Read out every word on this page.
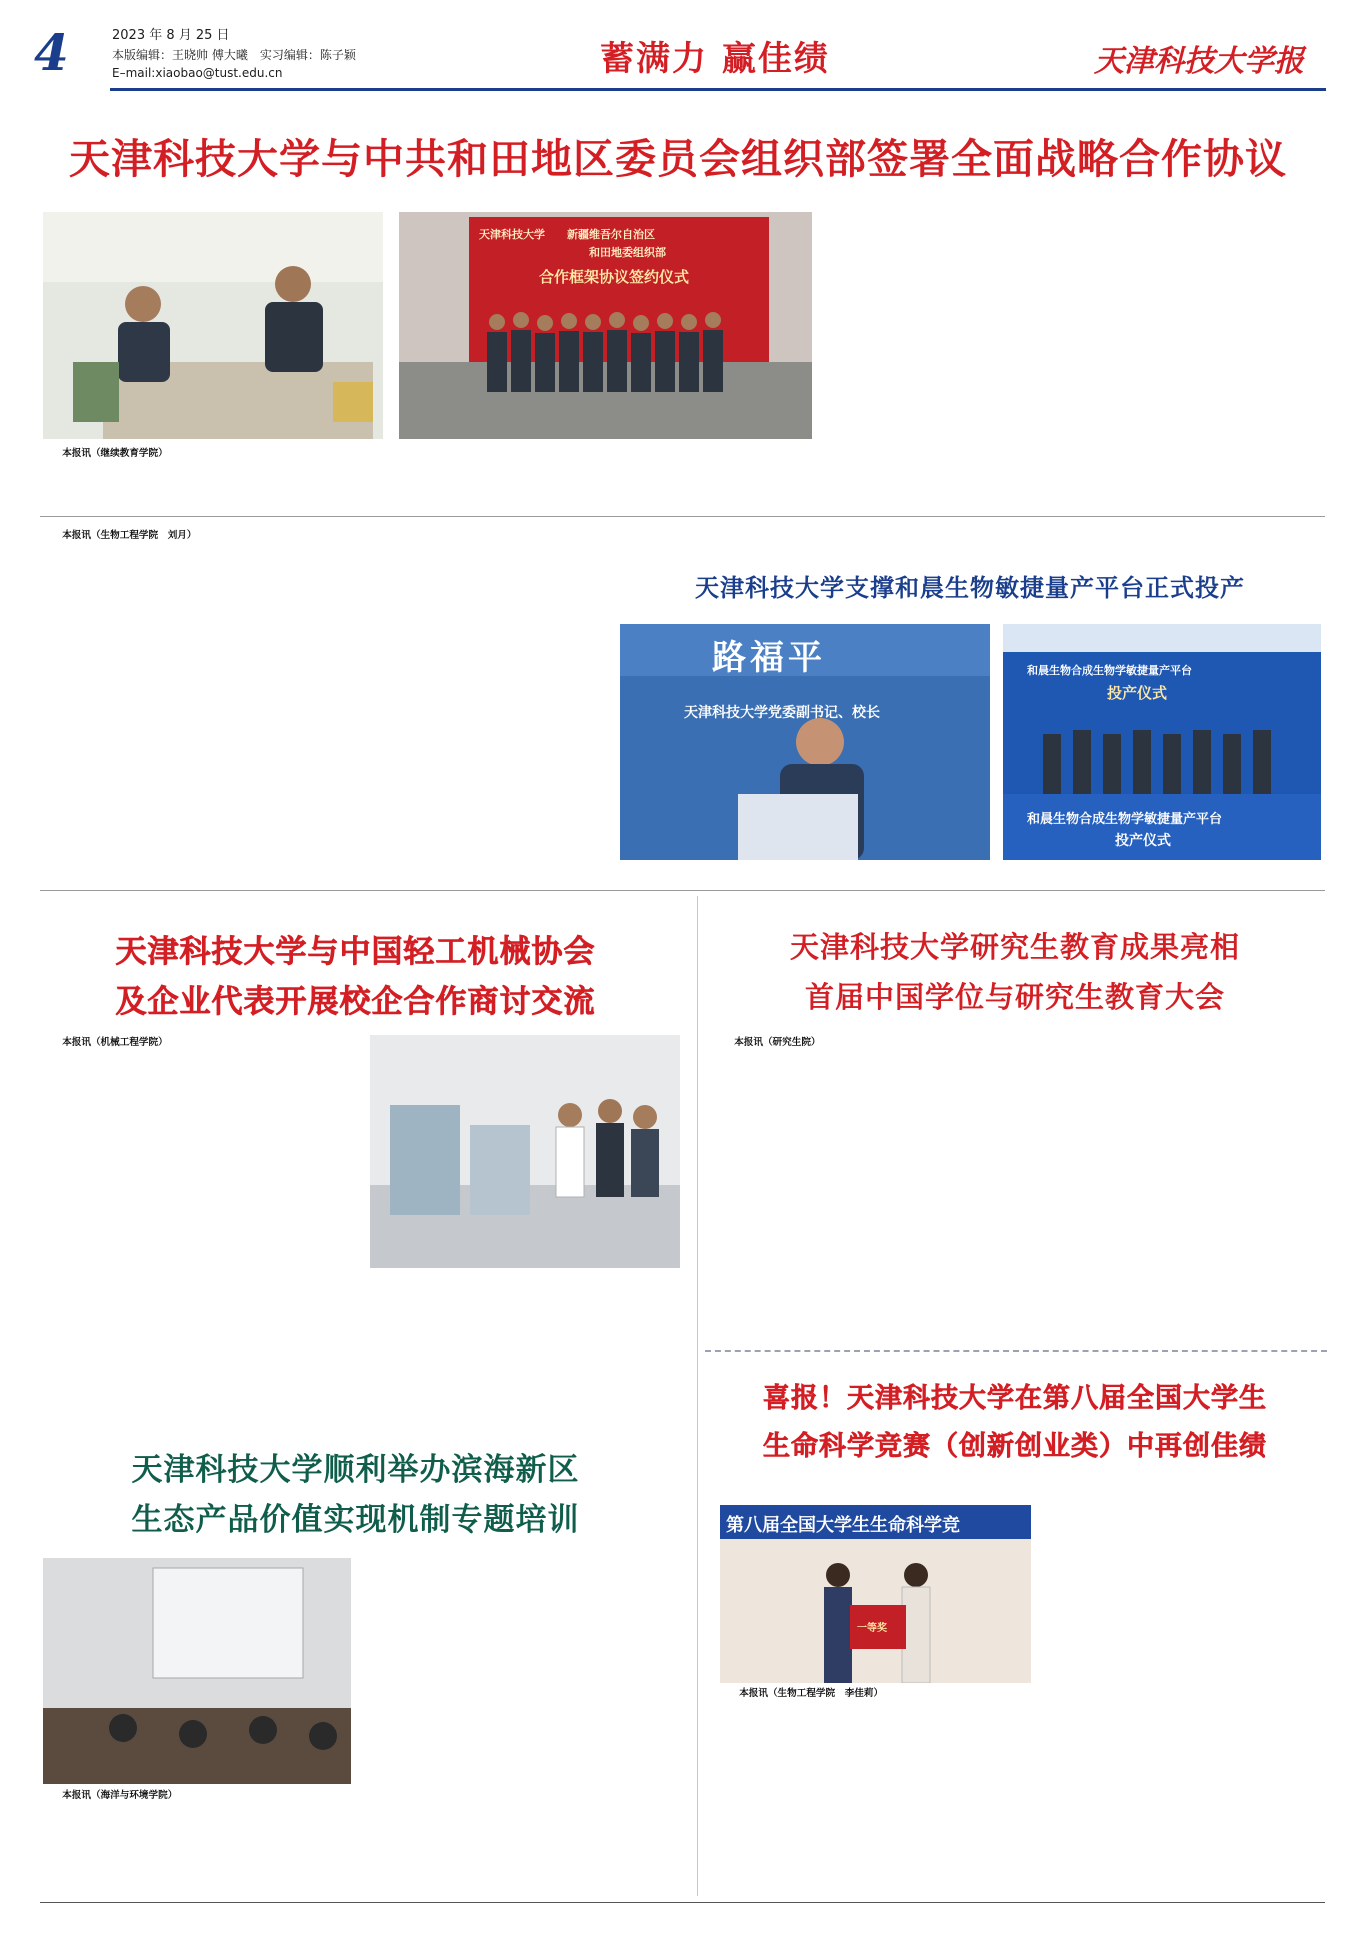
4	2023 年 8 月 25 日
本版编辑：王晓帅 傅大曦　实习编辑：陈子颖
E–mail:xiaobao@tust.edu.cn	蓄满力 赢佳绩	天津科技大学报
天津科技大学与中共和田地区委员会组织部签署全面战略合作协议
天津科技大学　　新疆维吾尔自治区
和田地委组织部
合作框架协议签约仪式
本报讯（继续教育学院）
本报讯（生物工程学院　刘月）
天津科技大学支撑和晨生物敏捷量产平台正式投产
路福平
天津科技大学党委副书记、校长
和晨生物合成生物学敏捷量产平台
投产仪式
和晨生物合成生物学敏捷量产平台
投产仪式
天津科技大学与中国轻工机械协会
及企业代表开展校企合作商讨交流
本报讯（机械工程学院）
天津科技大学研究生教育成果亮相
首届中国学位与研究生教育大会
本报讯（研究生院）
天津科技大学顺利举办滨海新区
生态产品价值实现机制专题培训
本报讯（海洋与环境学院）
喜报！天津科技大学在第八届全国大学生
生命科学竞赛（创新创业类）中再创佳绩
第八届全国大学生生命科学竞
一等奖
本报讯（生物工程学院　李佳莉）
